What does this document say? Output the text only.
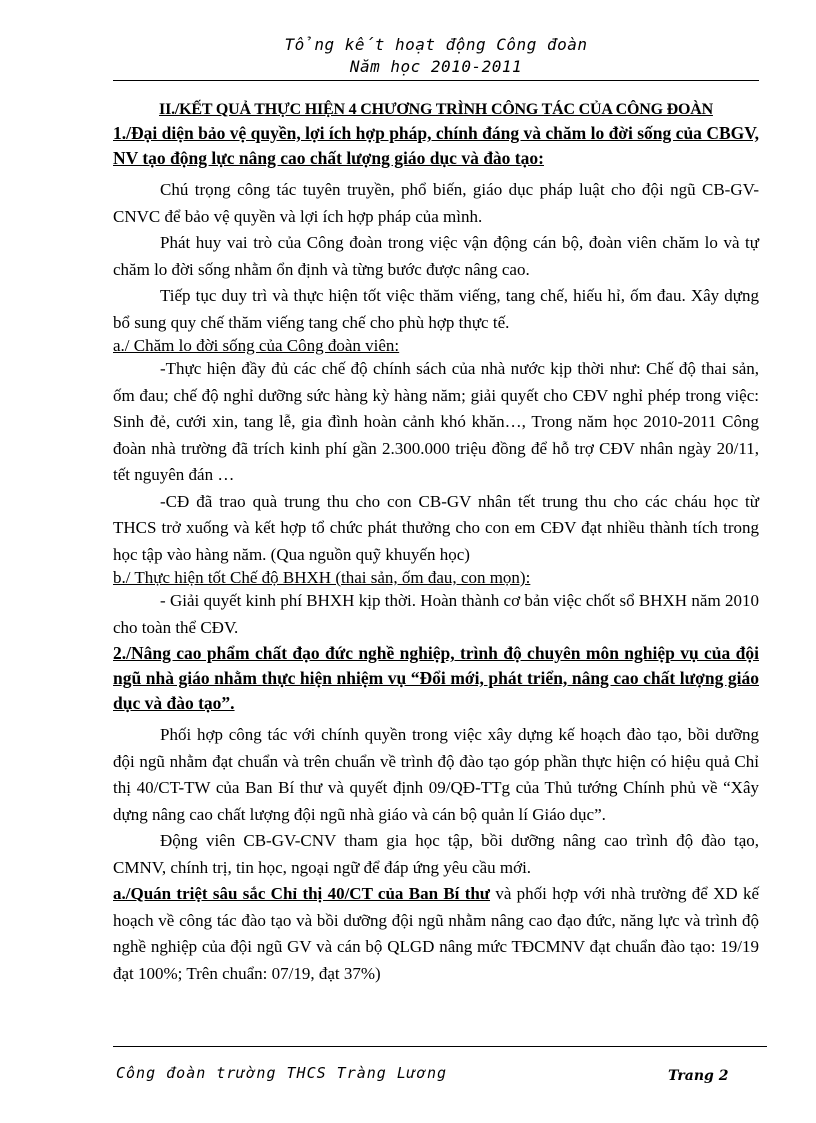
Tổng kết hoạt động Công đoàn
Năm học 2010-2011

II./KẾT QUẢ THỰC HIỆN 4 CHƯƠNG TRÌNH CÔNG TÁC CỦA CÔNG ĐOÀN

1./Đại diện bảo vệ quyền, lợi ích hợp pháp, chính đáng và chăm lo đời sống của CBGV, NV tạo động lực nâng cao chất lượng giáo dục và đào tạo:

Chú trọng công tác tuyên truyền, phổ biến, giáo dục pháp luật cho đội ngũ CB-GV-CNVC để bảo vệ quyền và lợi ích hợp pháp của mình.

Phát huy vai trò của Công đoàn trong việc vận động cán bộ, đoàn viên chăm lo và tự chăm lo đời sống nhằm ổn định và từng bước được nâng cao.

Tiếp tục duy trì và thực hiện tốt việc thăm viếng, tang chế, hiếu hỉ, ốm đau. Xây dựng bổ sung quy chế thăm viếng tang chế cho phù hợp thực tế.

a./ Chăm lo đời sống của Công đoàn viên:

-Thực hiện đầy đủ các chế độ chính sách của nhà nước kịp thời như: Chế độ thai sản, ốm đau; chế độ nghỉ dưỡng sức hàng kỳ hàng năm; giải quyết cho CĐV nghỉ phép trong việc: Sinh đẻ, cưới xin, tang lễ, gia đình hoàn cảnh khó khăn…, Trong năm học 2010-2011 Công đoàn nhà trường đã trích kinh phí gần 2.300.000 triệu đồng để hỗ trợ CĐV nhân ngày 20/11, tết nguyên đán …

-CĐ đã trao quà trung thu cho con CB-GV nhân tết trung thu cho các cháu học từ THCS trở xuống và kết hợp tổ chức phát thưởng cho con em CĐV đạt nhiều thành tích trong học tập vào hàng năm. (Qua nguồn quỹ khuyến học)

b./ Thực hiện tốt Chế độ BHXH (thai sản, ốm đau, con mọn):

- Giải quyết kinh phí BHXH kịp thời. Hoàn thành cơ bản việc chốt sổ BHXH năm 2010 cho toàn thể CĐV.

2./Nâng cao phẩm chất đạo đức nghề nghiệp, trình độ chuyên môn nghiệp vụ của đội ngũ nhà giáo nhằm thực hiện nhiệm vụ “Đổi mới, phát triển, nâng cao chất lượng giáo dục và đào tạo”.

Phối hợp công tác với chính quyền trong việc xây dựng kế hoạch đào tạo, bồi dưỡng đội ngũ nhằm đạt chuẩn và trên chuẩn về trình độ đào tạo góp phần thực hiện có hiệu quả Chỉ thị 40/CT-TW của Ban Bí thư và quyết định 09/QĐ-TTg của Thủ tướng Chính phủ về “Xây dựng nâng cao chất lượng đội ngũ nhà giáo và cán bộ quản lí Giáo dục”.

Động viên CB-GV-CNV tham gia học tập, bồi dưỡng nâng cao trình độ đào tạo, CMNV, chính trị, tin học, ngoại ngữ để đáp ứng yêu cầu mới.

a./Quán triệt sâu sắc Chỉ thị 40/CT của Ban Bí thư và phối hợp với nhà trường để XD kế hoạch về công tác đào tạo và bồi dưỡng đội ngũ nhằm nâng cao đạo đức, năng lực và trình độ nghề nghiệp của đội ngũ GV và cán bộ QLGD nâng mức TĐCMNV đạt chuẩn đào tạo: 19/19 đạt 100%; Trên chuẩn: 07/19, đạt 37%)

Công đoàn trường THCS Tràng Lương	Trang 2
